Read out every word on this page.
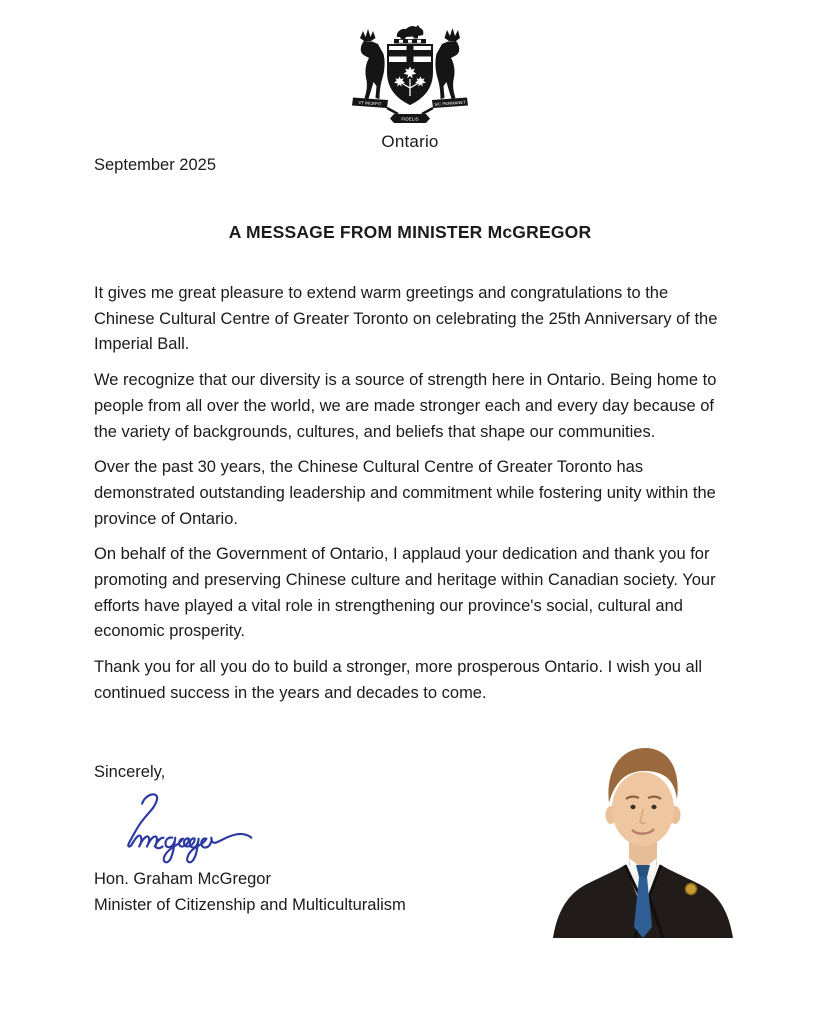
VT INCEPIT	SIC PERMANET
FIDELIS
Ontario
September 2025
A MESSAGE FROM MINISTER McGREGOR

It gives me great pleasure to extend warm greetings and congratulations to the Chinese Cultural Centre of Greater Toronto on celebrating the 25th Anniversary of the Imperial Ball.

We recognize that our diversity is a source of strength here in Ontario. Being home to people from all over the world, we are made stronger each and every day because of the variety of backgrounds, cultures, and beliefs that shape our communities.

Over the past 30 years, the Chinese Cultural Centre of Greater Toronto has demonstrated outstanding leadership and commitment while fostering unity within the province of Ontario.

On behalf of the Government of Ontario, I applaud your dedication and thank you for promoting and preserving Chinese culture and heritage within Canadian society. Your efforts have played a vital role in strengthening our province's social, cultural and economic prosperity.

Thank you for all you do to build a stronger, more prosperous Ontario. I wish you all continued success in the years and decades to come.

Sincerely,
Hon. Graham McGregor
Minister of Citizenship and Multiculturalism
